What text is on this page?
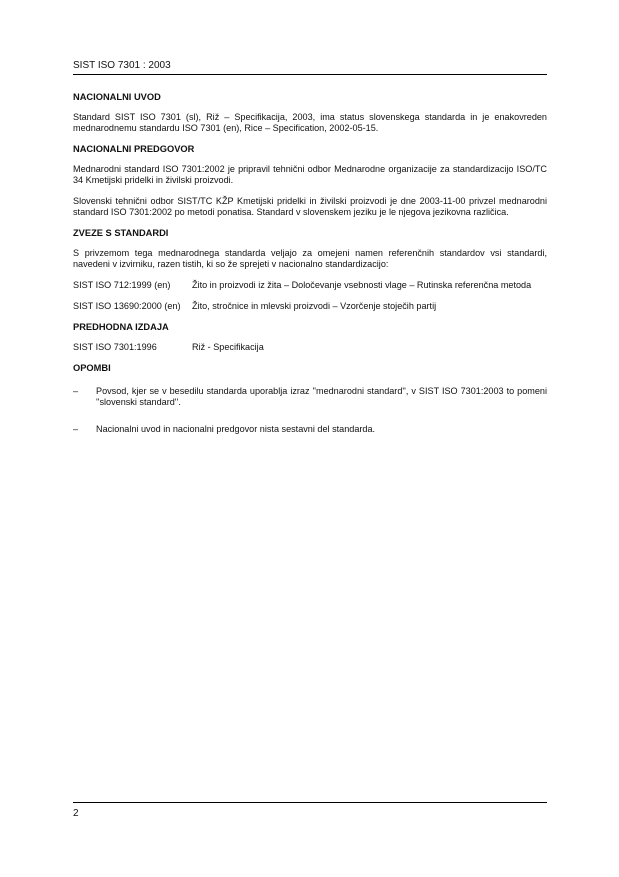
SIST ISO 7301 : 2003
NACIONALNI UVOD

Standard SIST ISO 7301 (sl), Riž – Specifikacija, 2003, ima status slovenskega standarda in je enakovreden mednarodnemu standardu ISO 7301 (en), Rice – Specification, 2002-05-15.

NACIONALNI PREDGOVOR

Mednarodni standard ISO 7301:2002 je pripravil tehnični odbor Mednarodne organizacije za standardizacijo ISO/TC 34 Kmetijski pridelki in živilski proizvodi.

Slovenski tehnični odbor SIST/TC KŽP Kmetijski pridelki in živilski proizvodi je dne 2003-11-00 privzel mednarodni standard ISO 7301:2002 po metodi ponatisa. Standard v slovenskem jeziku je le njegova jezikovna različica.

ZVEZE S STANDARDI

S privzemom tega mednarodnega standarda veljajo za omejeni namen referenčnih standardov vsi standardi, navedeni v izvirniku, razen tistih, ki so že sprejeti v nacionalno standardizacijo:

SIST ISO 712:1999 (en)	Žito in proizvodi iz žita – Določevanje vsebnosti vlage – Rutinska referenčna metoda
SIST ISO 13690:2000 (en)	Žito, stročnice in mlevski proizvodi – Vzorčenje stoječih partij
PREDHODNA IZDAJA
SIST ISO 7301:1996	Riž - Specifikacija
OPOMBI
–	Povsod, kjer se v besedilu standarda uporablja izraz ''mednarodni standard'', v SIST ISO 7301:2003 to pomeni ''slovenski standard''.
–	Nacionalni uvod in nacionalni predgovor nista sestavni del standarda.
2
